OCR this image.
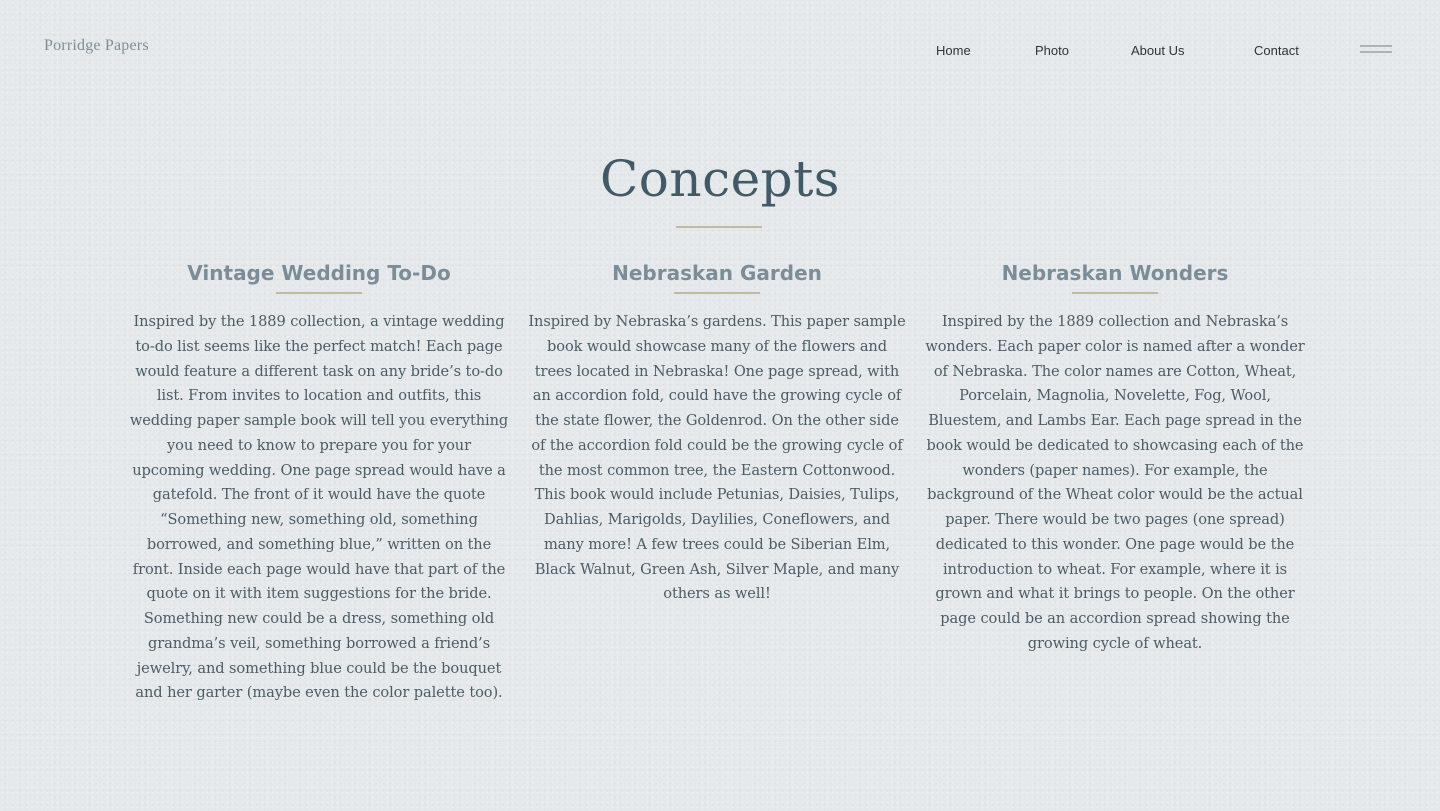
Porridge Papers	Home	Photo	About Us	Contact
Concepts
Vintage Wedding To-Do

Inspired by the 1889 collection, a vintage wedding to-do list seems like the perfect match! Each page would feature a different task on any bride’s to-do list. From invites to location and outfits, this wedding paper sample book will tell you everything you need to know to prepare you for your upcoming wedding. One page spread would have a gatefold. The front of it would have the quote “Something new, something old, something borrowed, and something blue,” written on the front. Inside each page would have that part of the quote on it with item suggestions for the bride. Something new could be a dress, something old grandma’s veil, something borrowed a friend’s jewelry, and something blue could be the bouquet and her garter (maybe even the color palette too).

Nebraskan Garden

Inspired by Nebraska’s gardens. This paper sample book would showcase many of the flowers and trees located in Nebraska! One page spread, with an accordion fold, could have the growing cycle of the state flower, the Goldenrod. On the other side of the accordion fold could be the growing cycle of the most common tree, the Eastern Cottonwood. This book would include Petunias, Daisies, Tulips, Dahlias, Marigolds, Daylilies, Coneflowers, and many more! A few trees could be Siberian Elm, Black Walnut, Green Ash, Silver Maple, and many others as well!

Nebraskan Wonders

Inspired by the 1889 collection and Nebraska’s wonders. Each paper color is named after a wonder of Nebraska. The color names are Cotton, Wheat, Porcelain, Magnolia, Novelette, Fog, Wool, Bluestem, and Lambs Ear. Each page spread in the book would be dedicated to showcasing each of the wonders (paper names). For example, the background of the Wheat color would be the actual paper. There would be two pages (one spread) dedicated to this wonder. One page would be the introduction to wheat. For example, where it is grown and what it brings to people. On the other page could be an accordion spread showing the growing cycle of wheat.
